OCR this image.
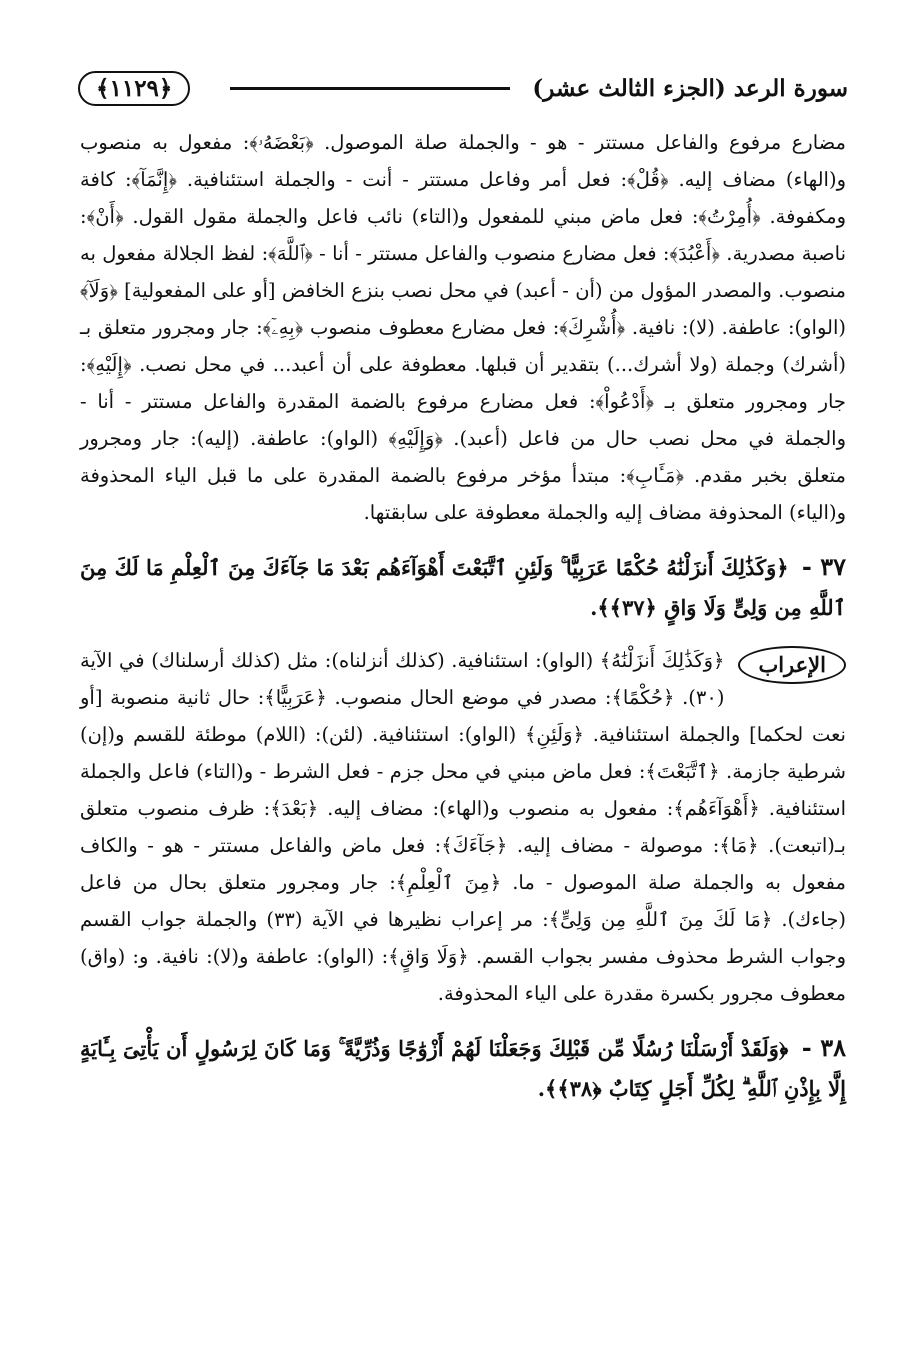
سورة الرعد (الجزء الثالث عشر)
﴿١١٢٩﴾

مضارع مرفوع والفاعل مستتر - هو - والجملة صلة الموصول. ﴿بَعْضَهُۥ﴾: مفعول به منصوب و(الهاء) مضاف إليه. ﴿قُلْ﴾: فعل أمر وفاعل مستتر - أنت - والجملة استئنافية. ﴿إِنَّمَآ﴾: كافة ومكفوفة. ﴿أُمِرْتُ﴾: فعل ماض مبني للمفعول و(التاء) نائب فاعل والجملة مقول القول. ﴿أَنْ﴾: ناصبة مصدرية. ﴿أَعْبُدَ﴾: فعل مضارع منصوب والفاعل مستتر - أنا - ﴿ٱللَّهَ﴾: لفظ الجلالة مفعول به منصوب. والمصدر المؤول من (أن - أعبد) في محل نصب بنزع الخافض [أو على المفعولية] ﴿وَلَآ﴾ (الواو): عاطفة. (لا): نافية. ﴿أُشْرِكَ﴾: فعل مضارع معطوف منصوب ﴿بِهِۦٓ﴾: جار ومجرور متعلق بـ (أشرك) وجملة (ولا أشرك...) بتقدير أن قبلها. معطوفة على أن أعبد... في محل نصب. ﴿إِلَيْهِ﴾: جار ومجرور متعلق بـ ﴿أَدْعُواْ﴾: فعل مضارع مرفوع بالضمة المقدرة والفاعل مستتر - أنا - والجملة في محل نصب حال من فاعل (أعبد). ﴿وَإِلَيْهِ﴾ (الواو): عاطفة. (إليه): جار ومجرور متعلق بخبر مقدم. ﴿مَـَٔابِ﴾: مبتدأ مؤخر مرفوع بالضمة المقدرة على ما قبل الياء المحذوفة و(الياء) المحذوفة مضاف إليه والجملة معطوفة على سابقتها.

٣٧ - ﴿وَكَذَٰلِكَ أَنزَلْنَٰهُ حُكْمًا عَرَبِيًّا ۚ وَلَئِنِ ٱتَّبَعْتَ أَهْوَآءَهُم بَعْدَ مَا جَآءَكَ مِنَ ٱلْعِلْمِ مَا لَكَ مِنَ ٱللَّهِ مِن وَلِىٍّ وَلَا وَاقٍ ﴿٣٧﴾﴾.
الإعراب

﴿وَكَذَٰلِكَ أَنزَلْنَٰهُ﴾ (الواو): استئنافية. (كذلك أنزلناه): مثل (كذلك أرسلناك) في الآية (٣٠). ﴿حُكْمًا﴾: مصدر في موضع الحال منصوب. ﴿عَرَبِيًّا﴾: حال ثانية منصوبة [أو نعت لحكما] والجملة استئنافية. ﴿وَلَئِنِ﴾ (الواو): استئنافية. (لئن): (اللام) موطئة للقسم و(إن) شرطية جازمة. ﴿ٱتَّبَعْتَ﴾: فعل ماض مبني في محل جزم - فعل الشرط - و(التاء) فاعل والجملة استئنافية. ﴿أَهْوَآءَهُم﴾: مفعول به منصوب و(الهاء): مضاف إليه. ﴿بَعْدَ﴾: ظرف منصوب متعلق بـ(اتبعت). ﴿مَا﴾: موصولة - مضاف إليه. ﴿جَآءَكَ﴾: فعل ماض والفاعل مستتر - هو - والكاف مفعول به والجملة صلة الموصول - ما. ﴿مِنَ ٱلْعِلْمِ﴾: جار ومجرور متعلق بحال من فاعل (جاءك). ﴿مَا لَكَ مِنَ ٱللَّهِ مِن وَلِىٍّ﴾: مر إعراب نظيرها في الآية (٣٣) والجملة جواب القسم وجواب الشرط محذوف مفسر بجواب القسم. ﴿وَلَا وَاقٍ﴾: (الواو): عاطفة و(لا): نافية. و: (واق) معطوف مجرور بكسرة مقدرة على الياء المحذوفة.

٣٨ - ﴿وَلَقَدْ أَرْسَلْنَا رُسُلًا مِّن قَبْلِكَ وَجَعَلْنَا لَهُمْ أَزْوَٰجًا وَذُرِّيَّةً ۚ وَمَا كَانَ لِرَسُولٍ أَن يَأْتِىَ بِـَٔايَةٍ إِلَّا بِإِذْنِ ٱللَّهِ ۗ لِكُلِّ أَجَلٍ كِتَابٌ ﴿٣٨﴾﴾.
